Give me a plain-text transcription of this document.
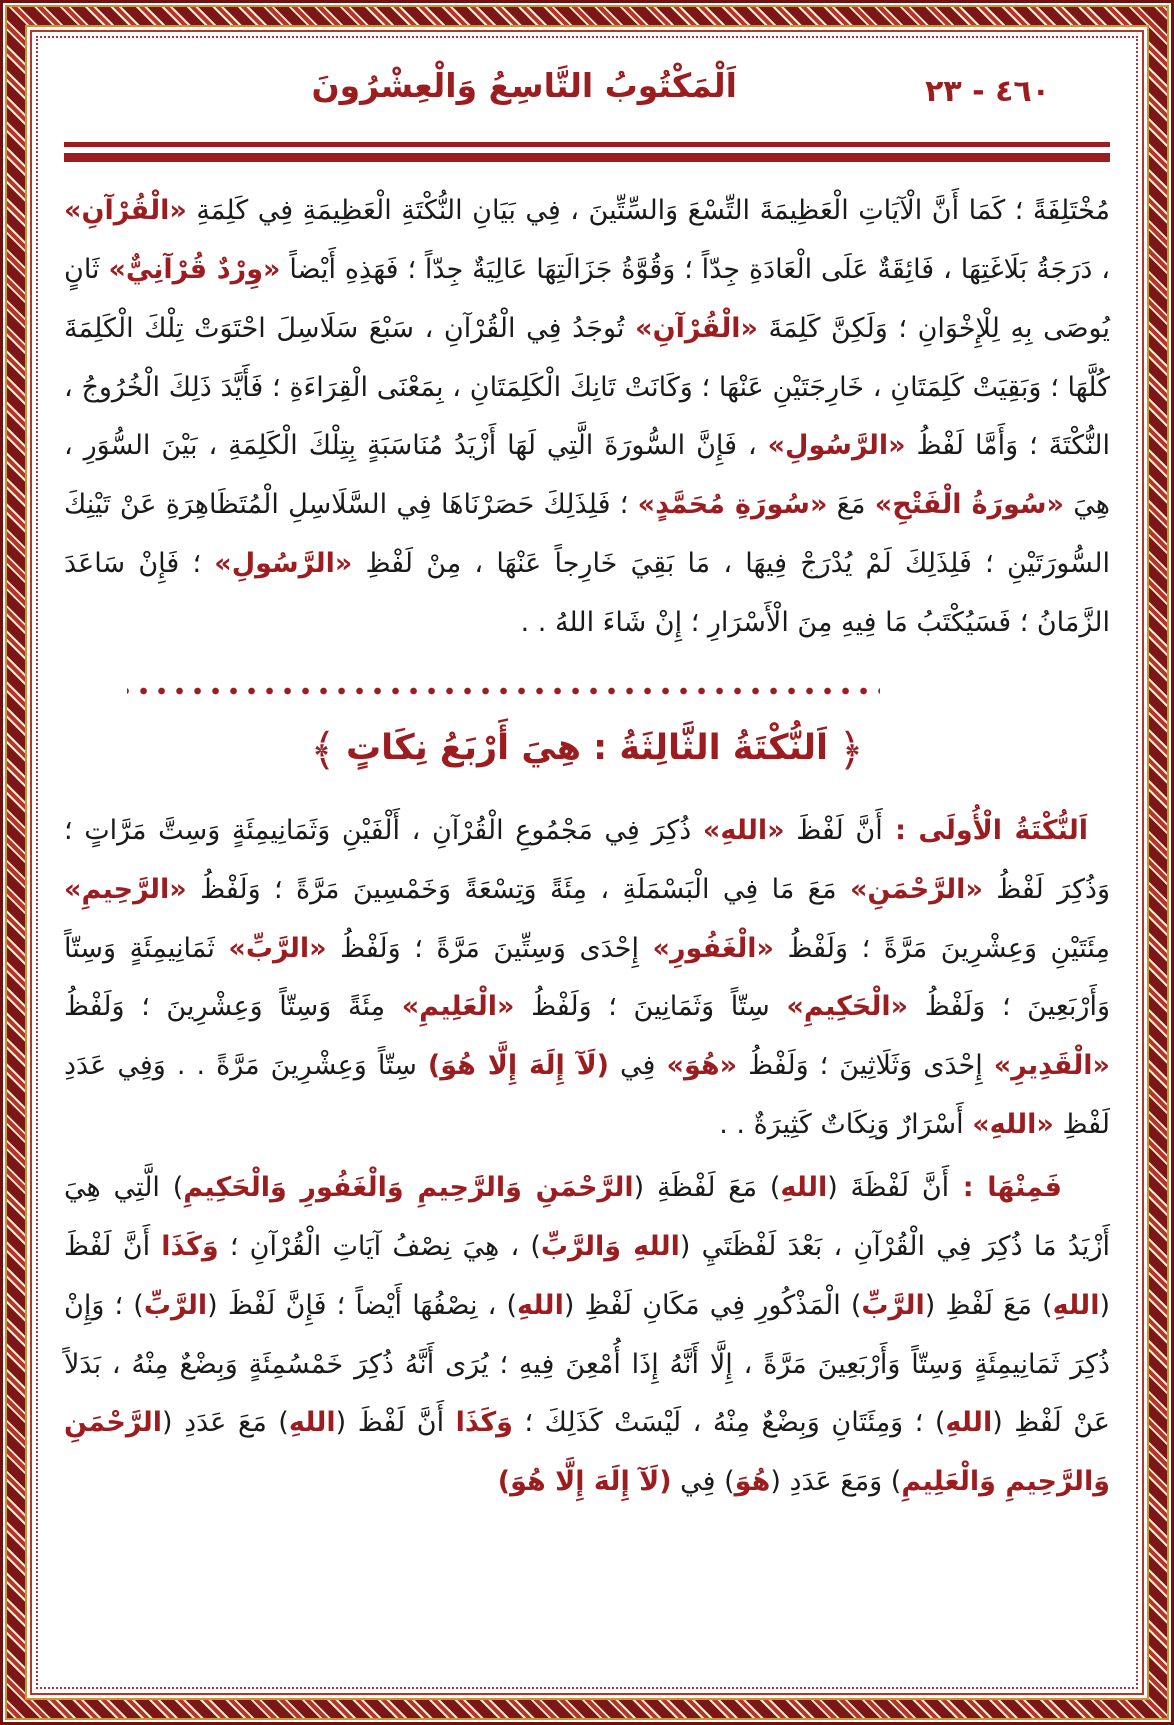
اَلْمَكْتُوبُ التَّاسِعُ وَالْعِشْرُونَ	٤٦٠ - ٢٣

مُخْتَلِفَةً ؛ كَمَا أَنَّ الْآيَاتِ الْعَظِيمَةَ التِّسْعَ وَالسِّتِّينَ ، فِي بَيَانِ النُّكْتَةِ الْعَظِيمَةِ فِي كَلِمَةِ «الْقُرْآنِ» ، دَرَجَةُ بَلَاغَتِهَا ، فَائِقَةٌ عَلَى الْعَادَةِ جِدّاً ؛ وَقُوَّةُ جَزَالَتِهَا عَالِيَةٌ جِدّاً ؛ فَهَذِهِ أَيْضاً «وِرْدٌ قُرْآنِيٌّ» ثَانٍ يُوصَى بِهِ لِلْإِخْوَانِ ؛ وَلَكِنَّ كَلِمَةَ «الْقُرْآنِ» تُوجَدُ فِي الْقُرْآنِ ، سَبْعَ سَلَاسِلَ احْتَوَتْ تِلْكَ الْكَلِمَةَ كُلَّهَا ؛ وَبَقِيَتْ كَلِمَتَانِ ، خَارِجَتَيْنِ عَنْهَا ؛ وَكَانَتْ تَانِكَ الْكَلِمَتَانِ ، بِمَعْنَى الْقِرَاءَةِ ؛ فَأَيَّدَ ذَلِكَ الْخُرُوجُ ، النُّكْتَةَ ؛ وَأَمَّا لَفْظُ «الرَّسُولِ» ، فَإِنَّ السُّورَةَ الَّتِي لَهَا أَزْيَدُ مُنَاسَبَةٍ بِتِلْكَ الْكَلِمَةِ ، بَيْنَ السُّوَرِ ، هِيَ «سُورَةُ الْفَتْحِ» مَعَ «سُورَةِ مُحَمَّدٍ» ؛ فَلِذَلِكَ حَصَرْنَاهَا فِي السَّلَاسِلِ الْمُتَظَاهِرَةِ عَنْ تَيْنِكَ السُّورَتَيْنِ ؛ فَلِذَلِكَ لَمْ يُدْرَجْ فِيهَا ، مَا بَقِيَ خَارِجاً عَنْهَا ، مِنْ لَفْظِ «الرَّسُولِ» ؛ فَإِنْ سَاعَدَ الزَّمَانُ ؛ فَسَيُكْتَبُ مَا فِيهِ مِنَ الْأَسْرَارِ ؛ إِنْ شَاءَ اللهُ . .

﴿اَلنُّكْتَةُ الثَّالِثَةُ : هِيَ أَرْبَعُ نِكَاتٍ﴾

اَلنُّكْتَةُ الْأُولَى : أَنَّ لَفْظَ «اللهِ» ذُكِرَ فِي مَجْمُوعِ الْقُرْآنِ ، أَلْفَيْنِ وَثَمَانِيمِئَةٍ وَسِتَّ مَرَّاتٍ ؛ وَذُكِرَ لَفْظُ «الرَّحْمَنِ» مَعَ مَا فِي الْبَسْمَلَةِ ، مِئَةً وَتِسْعَةً وَخَمْسِينَ مَرَّةً ؛ وَلَفْظُ «الرَّحِيمِ» مِئَتَيْنِ وَعِشْرِينَ مَرَّةً ؛ وَلَفْظُ «الْغَفُورِ» إِحْدَى وَسِتِّينَ مَرَّةً ؛ وَلَفْظُ «الرَّبِّ» ثَمَانِيمِئَةٍ وَسِتّاً وَأَرْبَعِينَ ؛ وَلَفْظُ «الْحَكِيمِ» سِتّاً وَثَمَانِينَ ؛ وَلَفْظُ «الْعَلِيمِ» مِئَةً وَسِتّاً وَعِشْرِينَ ؛ وَلَفْظُ «الْقَدِيرِ» إِحْدَى وَثَلَاثِينَ ؛ وَلَفْظُ «هُوَ» فِي (لَآ إِلَهَ إِلَّا هُوَ) سِتّاً وَعِشْرِينَ مَرَّةً . . وَفِي عَدَدِ لَفْظِ «اللهِ» أَسْرَارٌ وَنِكَاتٌ كَثِيرَةٌ . .

فَمِنْهَا : أَنَّ لَفْظَةَ (اللهِ) مَعَ لَفْظَةِ (الرَّحْمَنِ وَالرَّحِيمِ وَالْغَفُورِ وَالْحَكِيمِ) الَّتِي هِيَ أَزْيَدُ مَا ذُكِرَ فِي الْقُرْآنِ ، بَعْدَ لَفْظَتَيِ (اللهِ وَالرَّبِّ) ، هِيَ نِصْفُ آيَاتِ الْقُرْآنِ ؛ وَكَذَا أَنَّ لَفْظَ (اللهِ) مَعَ لَفْظِ (الرَّبِّ) الْمَذْكُورِ فِي مَكَانِ لَفْظِ (اللهِ) ، نِصْفُهَا أَيْضاً ؛ فَإِنَّ لَفْظَ (الرَّبِّ) ؛ وَإِنْ ذُكِرَ ثَمَانِيمِئَةٍ وَسِتّاً وَأَرْبَعِينَ مَرَّةً ، إِلَّا أَنَّهُ إِذَا أُمْعِنَ فِيهِ ؛ يُرَى أَنَّهُ ذُكِرَ خَمْسُمِئَةٍ وَبِضْعٌ مِنْهُ ، بَدَلاً عَنْ لَفْظِ (اللهِ) ؛ وَمِئَتَانِ وَبِضْعٌ مِنْهُ ، لَيْسَتْ كَذَلِكَ ؛ وَكَذَا أَنَّ لَفْظَ (اللهِ) مَعَ عَدَدِ (الرَّحْمَنِ وَالرَّحِيمِ وَالْعَلِيمِ) وَمَعَ عَدَدِ (هُوَ) فِي (لَآ إِلَهَ إِلَّا هُوَ)
